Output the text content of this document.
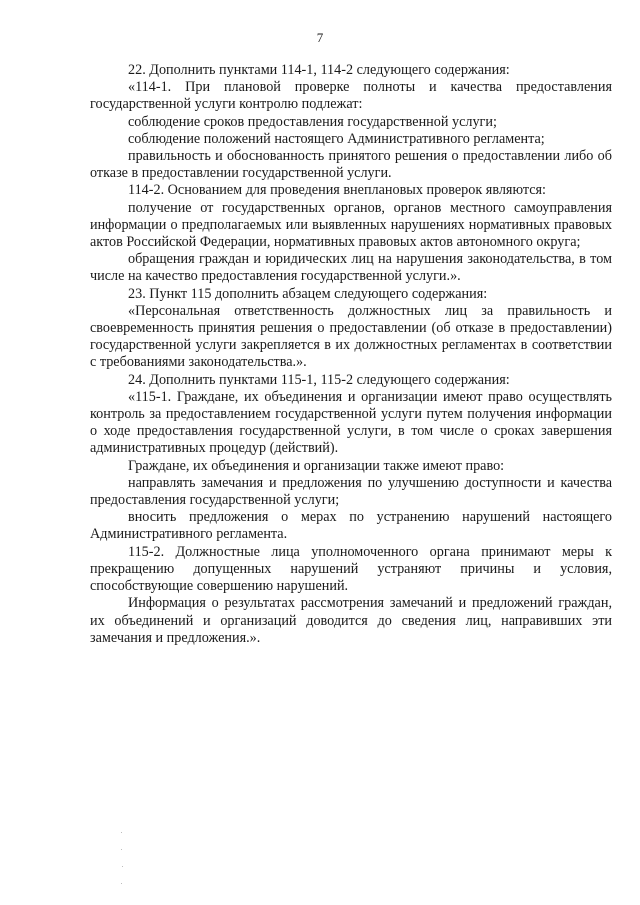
7

22. Дополнить пунктами 114-1, 114-2 следующего содержания:

«114-1. При плановой проверке полноты и качества предоставления государственной услуги контролю подлежат:

соблюдение сроков предоставления государственной услуги;

соблюдение положений настоящего Административного регламента;

правильность и обоснованность принятого решения о предоставлении либо об отказе в предоставлении государственной услуги.

114-2. Основанием для проведения внеплановых проверок являются:

получение от государственных органов, органов местного самоуправления информации о предполагаемых или выявленных нарушениях нормативных правовых актов Российской Федерации, нормативных правовых актов автономного округа;

обращения граждан и юридических лиц на нарушения законодательства, в том числе на качество предоставления государственной услуги.».

23. Пункт 115 дополнить абзацем следующего содержания:

«Персональная ответственность должностных лиц за правильность и своевременность принятия решения о предоставлении (об отказе в предоставлении) государственной услуги закрепляется в их должностных регламентах в соответствии с требованиями законодательства.».

24. Дополнить пунктами 115-1, 115-2 следующего содержания:

«115-1. Граждане, их объединения и организации имеют право осуществлять контроль за предоставлением государственной услуги путем получения информации о ходе предоставления государственной услуги, в том числе о сроках завершения административных процедур (действий).

Граждане, их объединения и организации также имеют право:

направлять замечания и предложения по улучшению доступности и качества предоставления государственной услуги;

вносить предложения о мерах по устранению нарушений настоящего Административного регламента.

115-2. Должностные лица уполномоченного органа принимают меры к прекращению допущенных нарушений устраняют причины и условия, способствующие совершению нарушений.

Информация о результатах рассмотрения замечаний и предложений граждан, их объединений и организаций доводится до сведения лиц, направивших эти замечания и предложения.».
